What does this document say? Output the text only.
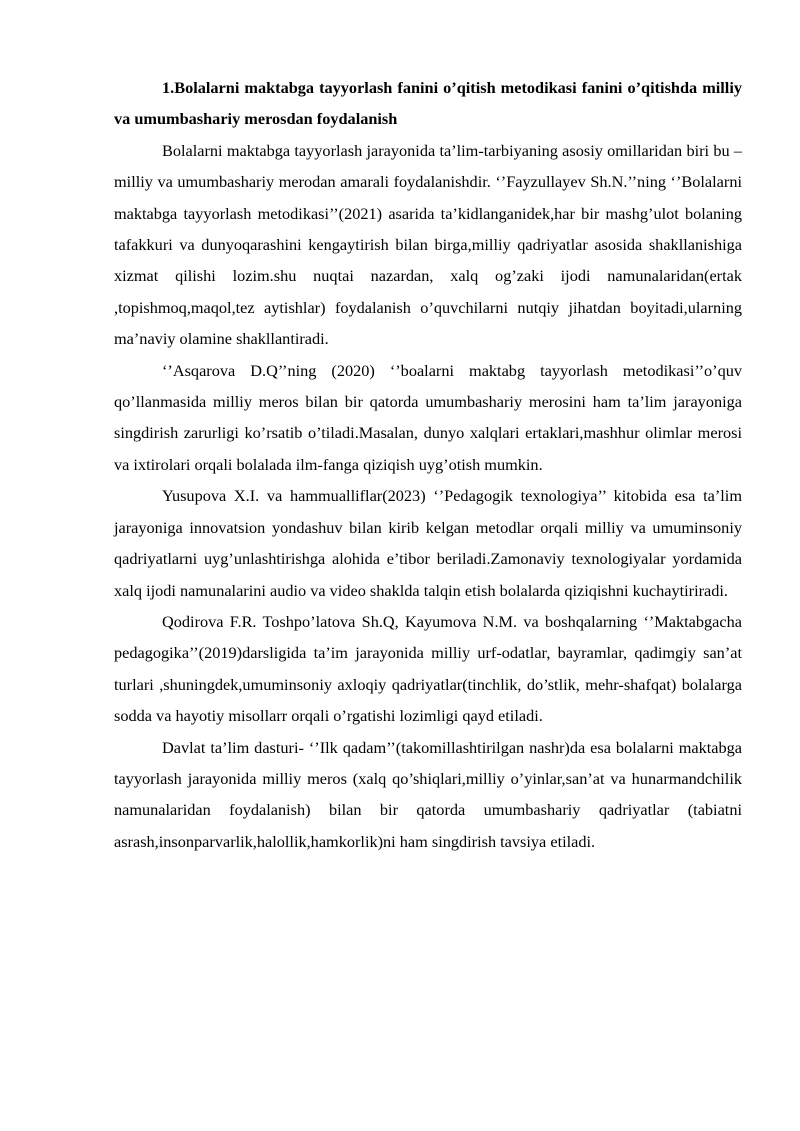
1.Bolalarni maktabga tayyorlash fanini o’qitish metodikasi fanini o’qitishda milliy va umumbashariy merosdan foydalanish

Bolalarni maktabga tayyorlash jarayonida ta’lim-tarbiyaning asosiy omillaridan biri bu – milliy va umumbashariy merodan amarali foydalanishdir. ‘’Fayzullayev Sh.N.’’ning ‘’Bolalarni maktabga tayyorlash metodikasi’’(2021) asarida ta’kidlanganidek,har bir mashg’ulot bolaning tafakkuri va dunyoqarashini kengaytirish bilan birga,milliy qadriyatlar asosida shakllanishiga xizmat qilishi lozim.shu nuqtai nazardan, xalq og’zaki ijodi namunalaridan(ertak ,topishmoq,maqol,tez aytishlar) foydalanish o’quvchilarni nutqiy jihatdan boyitadi,ularning ma’naviy olamine shakllantiradi.

‘’Asqarova D.Q’’ning (2020) ‘’boalarni maktabg tayyorlash metodikasi’’o’quv qo’llanmasida milliy meros bilan bir qatorda umumbashariy merosini ham ta’lim jarayoniga singdirish zarurligi ko’rsatib o’tiladi.Masalan, dunyo xalqlari ertaklari,mashhur olimlar merosi va ixtirolari orqali bolalada ilm-fanga qiziqish uyg’otish mumkin.

Yusupova X.I. va hammualliflar(2023) ‘’Pedagogik texnologiya’’ kitobida esa ta’lim jarayoniga innovatsion yondashuv bilan kirib kelgan metodlar orqali milliy va umuminsoniy qadriyatlarni uyg’unlashtirishga alohida e’tibor beriladi.Zamonaviy texnologiyalar yordamida xalq ijodi namunalarini audio va video shaklda talqin etish bolalarda qiziqishni kuchaytiriradi.

Qodirova F.R. Toshpo’latova Sh.Q, Kayumova N.M. va boshqalarning ‘’Maktabgacha pedagogika’’(2019)darsligida ta’im jarayonida milliy urf-odatlar, bayramlar, qadimgiy san’at turlari ,shuningdek,umuminsoniy axloqiy qadriyatlar(tinchlik, do’stlik, mehr-shafqat) bolalarga sodda va hayotiy misollarr orqali o’rgatishi lozimligi qayd etiladi.

Davlat ta’lim dasturi- ‘’Ilk qadam’’(takomillashtirilgan nashr)da esa bolalarni maktabga tayyorlash jarayonida milliy meros (xalq qo’shiqlari,milliy o’yinlar,san’at va hunarmandchilik namunalaridan foydalanish) bilan bir qatorda umumbashariy qadriyatlar (tabiatni asrash,insonparvarlik,halollik,hamkorlik)ni ham singdirish tavsiya etiladi.
